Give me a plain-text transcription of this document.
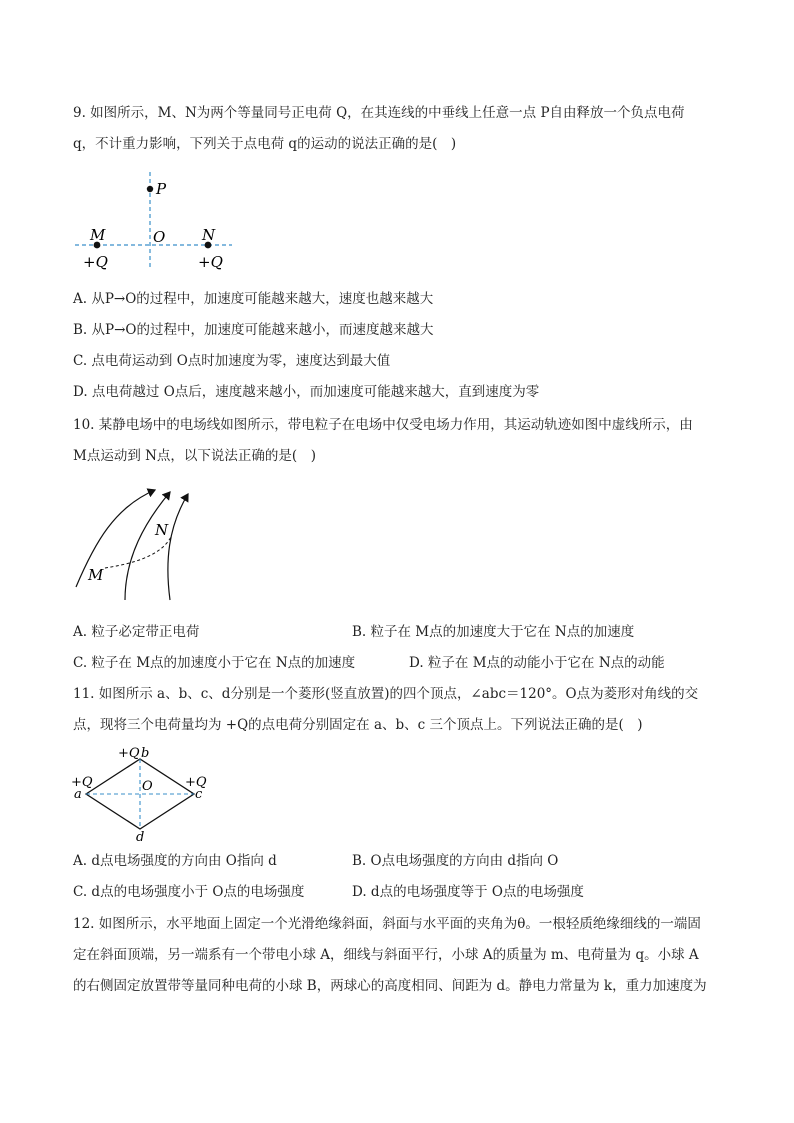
9. 如图所示，M、N为两个等量同号正电荷 Q，在其连线的中垂线上任意一点 P自由释放一个负点电荷
q，不计重力影响，下列关于点电荷 q的运动的说法正确的是(　)
P
M	O N
+Q	+Q
A. 从P→O的过程中，加速度可能越来越大，速度也越来越大
B. 从P→O的过程中，加速度可能越来越小，而速度越来越大
C. 点电荷运动到 O点时加速度为零，速度达到最大值
D. 点电荷越过 O点后，速度越来越小，而加速度可能越来越大，直到速度为零
10. 某静电场中的电场线如图所示，带电粒子在电场中仅受电场力作用，其运动轨迹如图中虚线所示，由
M点运动到 N点，以下说法正确的是(　)
M
N
A. 粒子必定带正电荷	B. 粒子在 M点的加速度大于它在 N点的加速度
C. 粒子在 M点的加速度小于它在 N点的加速度	D. 粒子在 M点的动能小于它在 N点的动能
11. 如图所示 a、b、c、d分别是一个菱形(竖直放置)的四个顶点，∠abc＝120°。O点为菱形对角线的交
点，现将三个电荷量均为 +Q的点电荷分别固定在 a、b、c 三个顶点上。下列说法正确的是(　)
+Q b
+Q
a
+Q
c
O
d
A. d点电场强度的方向由 O指向 d	B. O点电场强度的方向由 d指向 O
C. d点的电场强度小于 O点的电场强度	D. d点的电场强度等于 O点的电场强度
12. 如图所示，水平地面上固定一个光滑绝缘斜面，斜面与水平面的夹角为θ。一根轻质绝缘细线的一端固
定在斜面顶端，另一端系有一个带电小球 A，细线与斜面平行，小球 A的质量为 m、电荷量为 q。小球 A
的右侧固定放置带等量同种电荷的小球 B，两球心的高度相同、间距为 d。静电力常量为 k，重力加速度为
